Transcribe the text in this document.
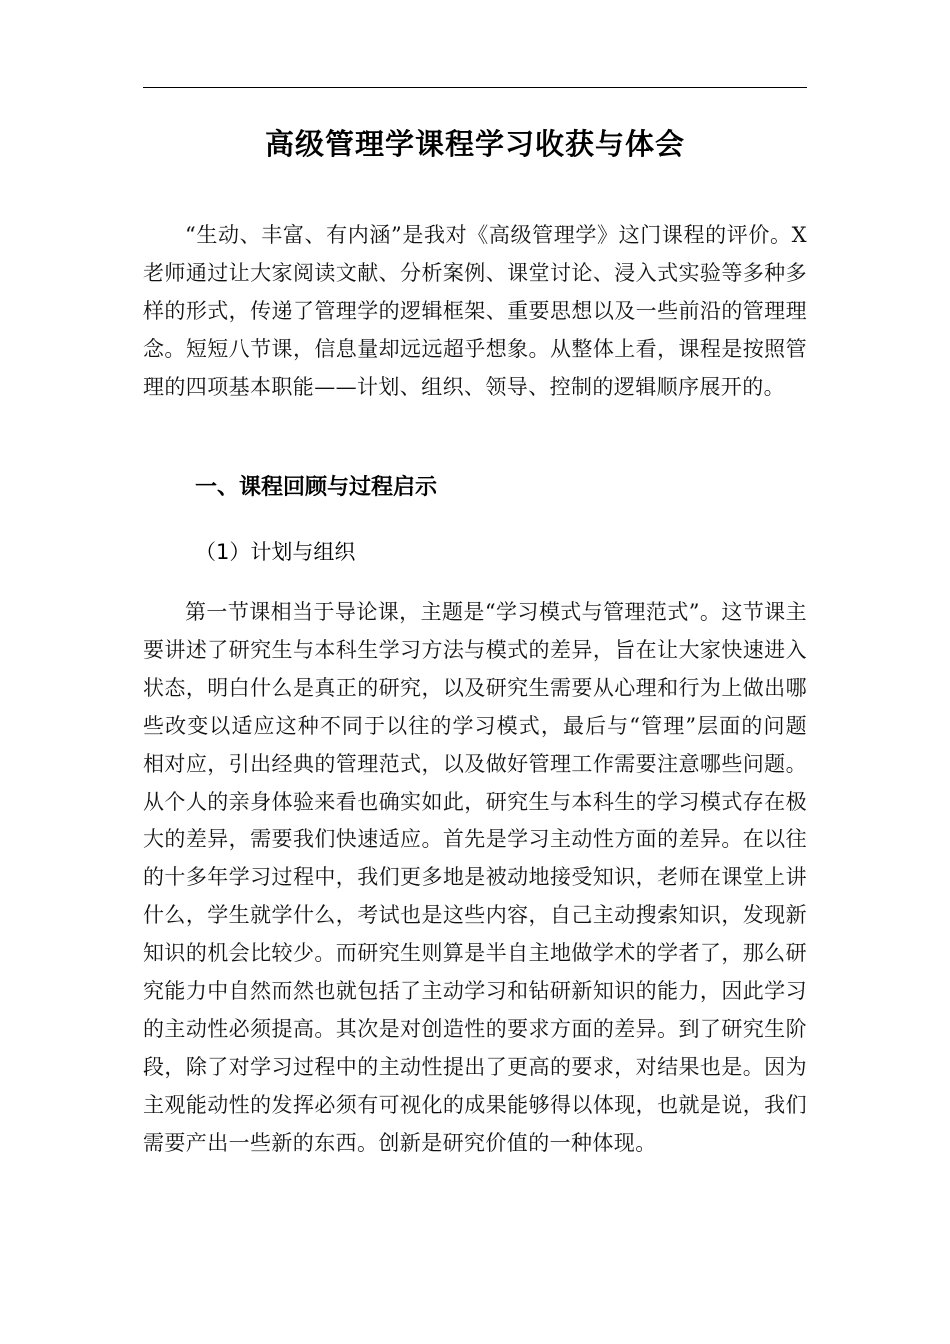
高级管理学课程学习收获与体会

“生动、丰富、有内涵”是我对《高级管理学》这门课程的评价。X老师通过让大家阅读文献、分析案例、课堂讨论、浸入式实验等多种多样的形式，传递了管理学的逻辑框架、重要思想以及一些前沿的管理理念。短短八节课，信息量却远远超乎想象。从整体上看，课程是按照管理的四项基本职能——计划、组织、领导、控制的逻辑顺序展开的。

一、课程回顾与过程启示
（1）计划与组织

第一节课相当于导论课，主题是“学习模式与管理范式”。这节课主要讲述了研究生与本科生学习方法与模式的差异，旨在让大家快速进入状态，明白什么是真正的研究，以及研究生需要从心理和行为上做出哪些改变以适应这种不同于以往的学习模式，最后与“管理”层面的问题相对应，引出经典的管理范式，以及做好管理工作需要注意哪些问题。从个人的亲身体验来看也确实如此，研究生与本科生的学习模式存在极大的差异，需要我们快速适应。首先是学习主动性方面的差异。在以往的十多年学习过程中，我们更多地是被动地接受知识，老师在课堂上讲什么，学生就学什么，考试也是这些内容，自己主动搜索知识，发现新知识的机会比较少。而研究生则算是半自主地做学术的学者了，那么研究能力中自然而然也就包括了主动学习和钻研新知识的能力，因此学习的主动性必须提高。其次是对创造性的要求方面的差异。到了研究生阶段，除了对学习过程中的主动性提出了更高的要求，对结果也是。因为主观能动性的发挥必须有可视化的成果能够得以体现，也就是说，我们需要产出一些新的东西。创新是研究价值的一种体现。
